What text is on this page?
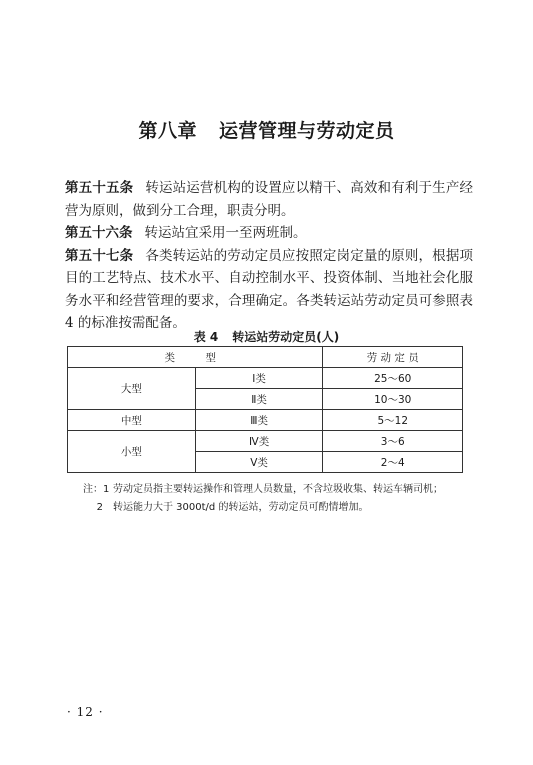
第八章 运营管理与劳动定员

第五十五条 转运站运营机构的设置应以精干、高效和有利于生产经营为原则，做到分工合理，职责分明。

第五十六条 转运站宜采用一至两班制。

第五十七条 各类转运站的劳动定员应按照定岗定量的原则，根据项目的工艺特点、技术水平、自动控制水平、投资体制、当地社会化服务水平和经营管理的要求，合理确定。各类转运站劳动定员可参照表 4 的标准按需配备。

表 4 转运站劳动定员(人)
类　型		劳 动 定 员
大型	Ⅰ类	25～60
	Ⅱ类	10～30
中型	Ⅲ类	5～12
小型	Ⅳ类	3～6
	Ⅴ类	2～4
注：1 劳动定员指主要转运操作和管理人员数量，不含垃圾收集、转运车辆司机；
2	转运能力大于 3000t/d 的转运站，劳动定员可酌情增加。
· 12 ·
